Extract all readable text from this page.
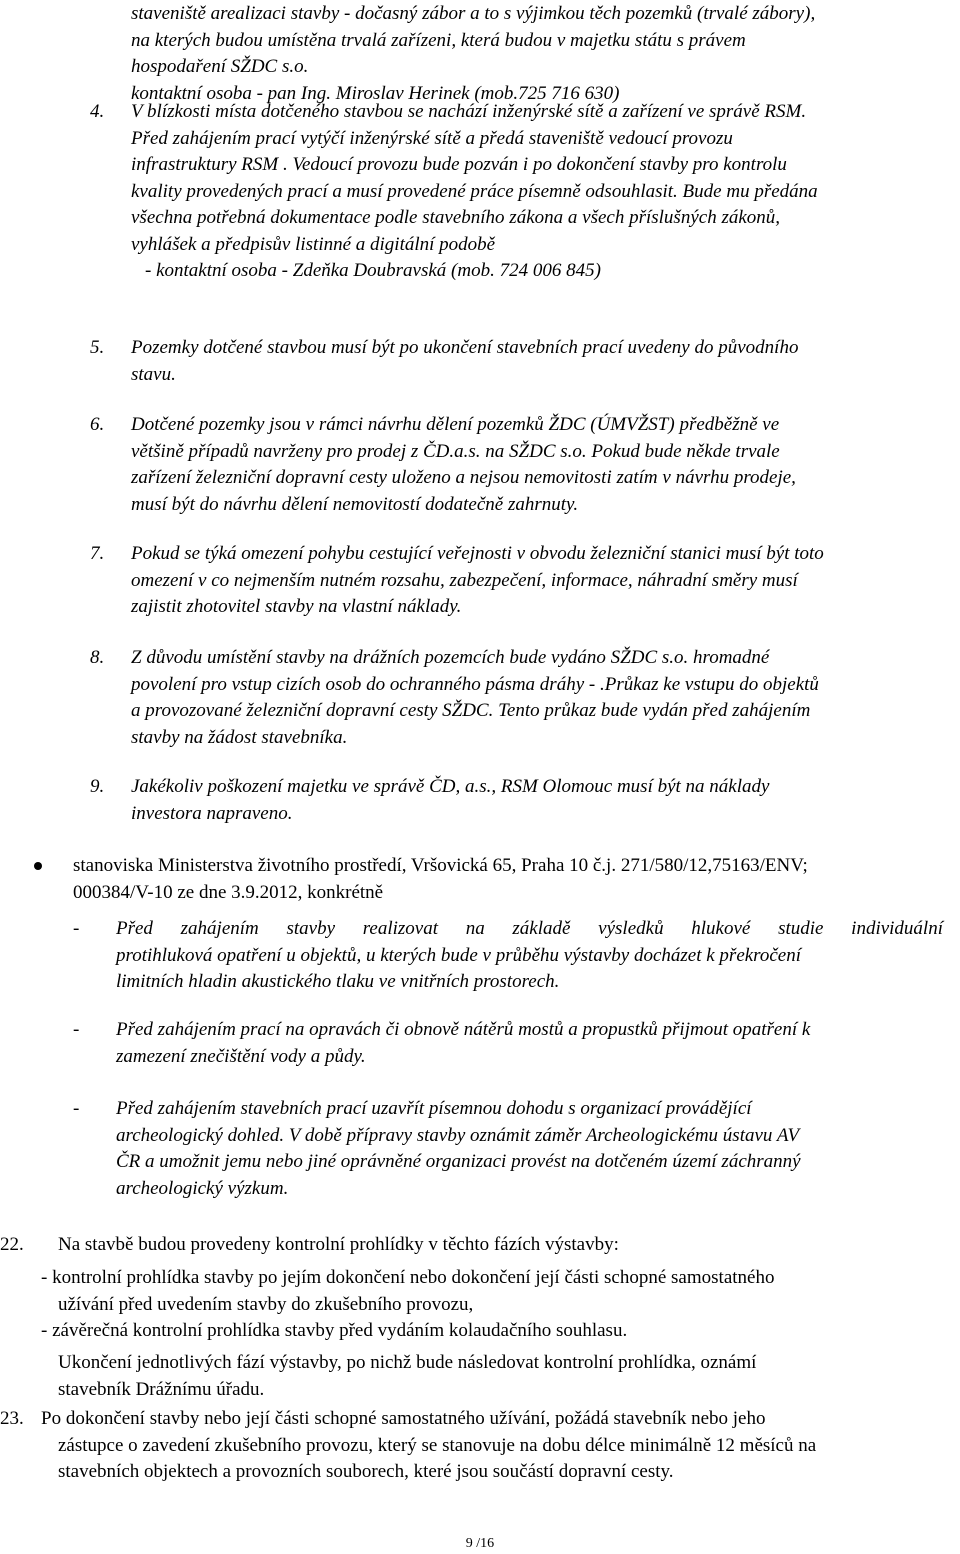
staveniště arealizaci stavby - dočasný zábor a to s výjimkou těch pozemků (trvalé zábory),
na kterých budou umístěna trvalá zařízeni, která budou v majetku státu s právem
hospodaření SŽDC s.o.
kontaktní osoba - pan Ing. Miroslav Herinek (mob.725 716 630)
4. V blízkosti místa dotčeného stavbou se nachází inženýrské sítě a zařízení ve správě RSM.
Před zahájením prací vytýčí inženýrské sítě a předá staveniště vedoucí provozu
infrastruktury RSM . Vedoucí provozu bude pozván i po dokončení stavby pro kontrolu
kvality provedených prací a musí provedené práce písemně odsouhlasit. Bude mu předána
všechna potřebná dokumentace podle stavebního zákona a všech příslušných zákonů,
vyhlášek a předpisův listinné a digitální podobě
- kontaktní osoba - Zdeňka Doubravská (mob. 724 006 845)
5. Pozemky dotčené stavbou musí být po ukončení stavebních prací uvedeny do původního
stavu.
6. Dotčené pozemky jsou v rámci návrhu dělení pozemků ŽDC (ÚMVŽST) předběžně ve
většině případů navrženy pro prodej z ČD.a.s. na SŽDC s.o. Pokud bude někde trvale
zařízení železniční dopravní cesty uloženo a nejsou nemovitosti zatím v návrhu prodeje,
musí být do návrhu dělení nemovitostí dodatečně zahrnuty.
7. Pokud se týká omezení pohybu cestující veřejnosti v obvodu železniční stanici musí být toto
omezení v co nejmenším nutném rozsahu, zabezpečení, informace, náhradní směry musí
zajistit zhotovitel stavby na vlastní náklady.
8. Z důvodu umístění stavby na drážních pozemcích bude vydáno SŽDC s.o. hromadné
povolení pro vstup cizích osob do ochranného pásma dráhy - .Průkaz ke vstupu do objektů
a provozované železniční dopravní cesty SŽDC. Tento průkaz bude vydán před zahájením
stavby na žádost stavebníka.
9. Jakékoliv poškození majetku ve správě ČD, a.s., RSM Olomouc musí být na náklady
investora napraveno.
stanoviska Ministerstva životního prostředí, Vršovická 65, Praha 10 č.j. 271/580/12,75163/ENV;
000384/V-10 ze dne 3.9.2012, konkrétně
- Před zahájením stavby realizovat na základě výsledků hlukové studie individuální
protihluková opatření u objektů, u kterých bude v průběhu výstavby docházet k překročení
limitních hladin akustického tlaku ve vnitřních prostorech.
- Před zahájením prací na opravách či obnově nátěrů mostů a propustků přijmout opatření k
zamezení znečištění vody a půdy.
- Před zahájením stavebních prací uzavřít písemnou dohodu s organizací provádějící
archeologický dohled. V době přípravy stavby oznámit záměr Archeologickému ústavu AV
ČR a umožnit jemu nebo jiné oprávněné organizaci provést na dotčeném území záchranný
archeologický výzkum.
22. Na stavbě budou provedeny kontrolní prohlídky v těchto fázích výstavby:
- kontrolní prohlídka stavby po jejím dokončení nebo dokončení její části schopné samostatného
užívání před uvedením stavby do zkušebního provozu,
- závěrečná kontrolní prohlídka stavby před vydáním kolaudačního souhlasu.
Ukončení jednotlivých fází výstavby, po nichž bude následovat kontrolní prohlídka, oznámí
stavebník Drážnímu úřadu.
23. Po dokončení stavby nebo její části schopné samostatného užívání, požádá stavebník nebo jeho
zástupce o zavedení zkušebního provozu, který se stanovuje na dobu délce minimálně 12 měsíců na
stavebních objektech a provozních souborech, které jsou součástí dopravní cesty.
9 /16
